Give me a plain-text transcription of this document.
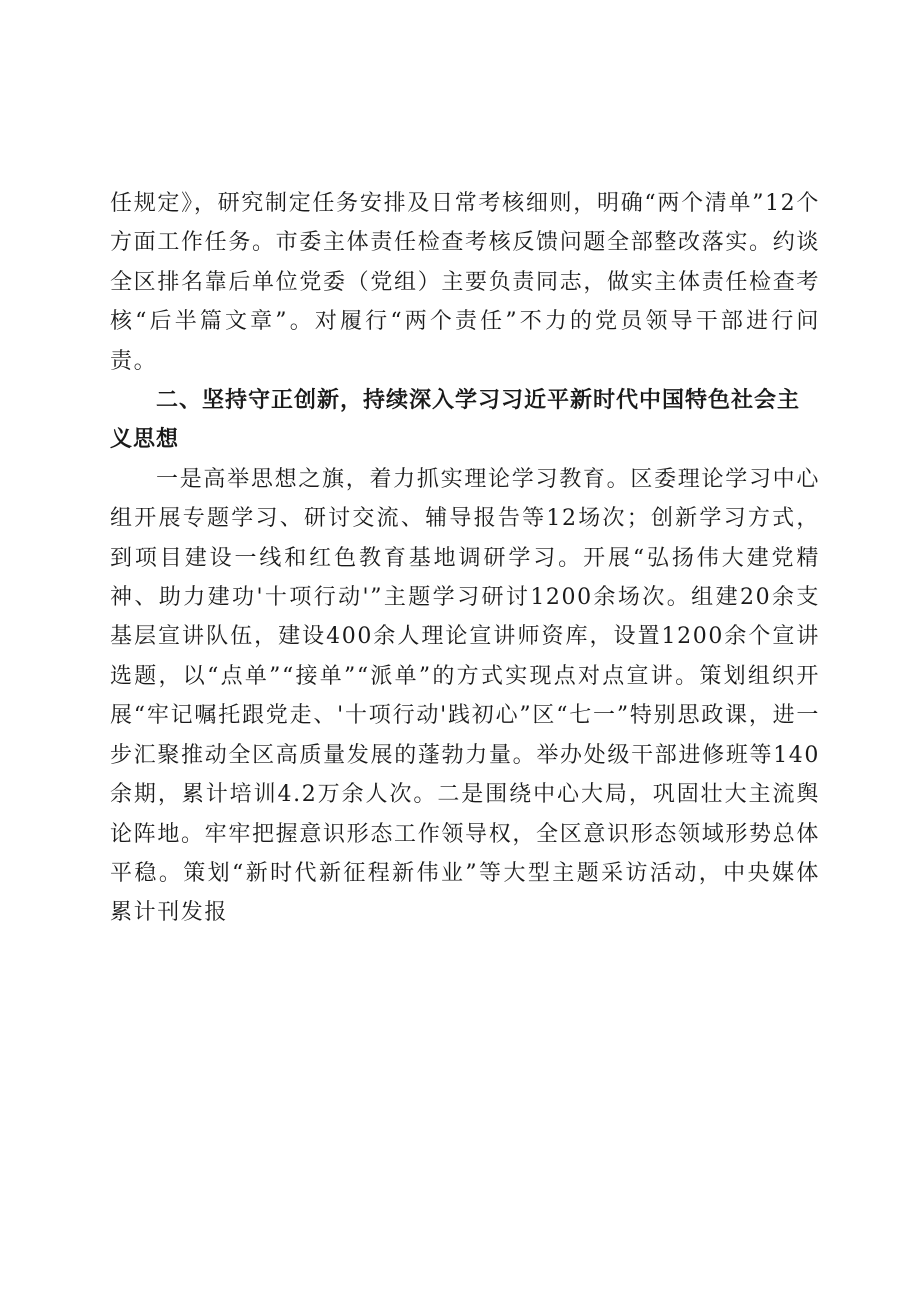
任规定》，研究制定任务安排及日常考核细则，明确“两个清单”12个方面工作任务。市委主体责任检查考核反馈问题全部整改落实。约谈全区排名靠后单位党委（党组）主要负责同志，做实主体责任检查考核“后半篇文章”。对履行“两个责任”不力的党员领导干部进行问责。

二、坚持守正创新，持续深入学习习近平新时代中国特色社会主义思想

一是高举思想之旗，着力抓实理论学习教育。区委理论学习中心组开展专题学习、研讨交流、辅导报告等12场次；创新学习方式，到项目建设一线和红色教育基地调研学习。开展“弘扬伟大建党精神、助力建功'十项行动'”主题学习研讨1200余场次。组建20余支基层宣讲队伍，建设400余人理论宣讲师资库，设置1200余个宣讲选题，以“点单”“接单”“派单”的方式实现点对点宣讲。策划组织开展“牢记嘱托跟党走、'十项行动'践初心”区“七一”特别思政课，进一步汇聚推动全区高质量发展的蓬勃力量。举办处级干部进修班等140余期，累计培训4.2万余人次。二是围绕中心大局，巩固壮大主流舆论阵地。牢牢把握意识形态工作领导权，全区意识形态领域形势总体平稳。策划“新时代新征程新伟业”等大型主题采访活动，中央媒体累计刊发报
